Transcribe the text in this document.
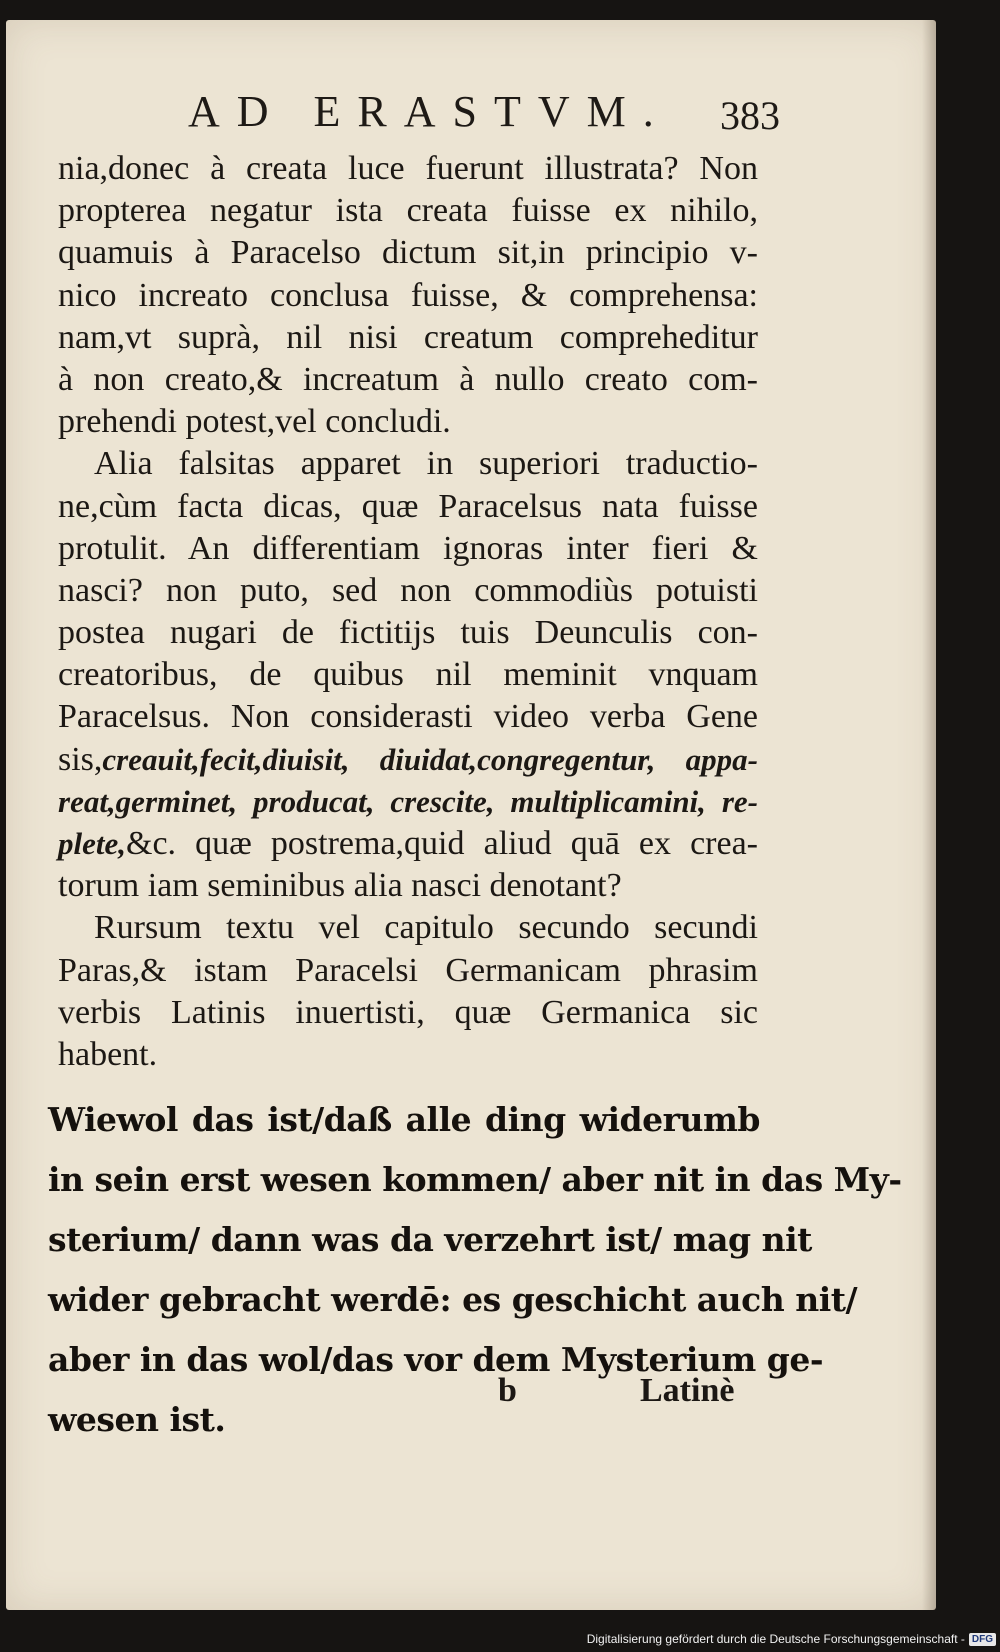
AD ERASTVM. 383
nia,donec à creata luce fuerunt illustrata? Non
propterea negatur ista creata fuisse ex nihilo,
quamuis à Paracelso dictum sit,in principio v-
nico increato conclusa fuisse, & comprehensa:
nam,vt suprà, nil nisi creatum compreheditur
à non creato,& increatum à nullo creato com-
prehendi potest,vel concludi.
Alia falsitas apparet in superiori traductio-
ne,cùm facta dicas, quæ Paracelsus nata fuisse
protulit. An differentiam ignoras inter fieri &
nasci? non puto, sed non commodiùs potuisti
postea nugari de fictitijs tuis Deunculis con-
creatoribus, de quibus nil meminit vnquam
Paracelsus. Non considerasti video verba Gene
sis,creauit,fecit,diuisit, diuidat,congregentur, appa-
reat,germinet, producat, crescite, multiplicamini, re-
plete,&c. quæ postrema,quid aliud quā ex crea-
torum iam seminibus alia nasci denotant?
Rursum textu vel capitulo secundo secundi
Paras,& istam Paracelsi Germanicam phrasim
verbis Latinis inuertisti, quæ Germanica sic
habent.
Wiewol das ist/daß alle ding widerumb
in sein erst wesen kommen/ aber nit in das My-
sterium/ dann was da verzehrt ist/ mag nit
wider gebracht werdē: es geschicht auch nit/
aber in das wol/das vor dem Mysterium ge-
wesen ist.
b	Latinè
Digitalisierung gefördert durch die Deutsche Forschungsgemeinschaft - DFG
